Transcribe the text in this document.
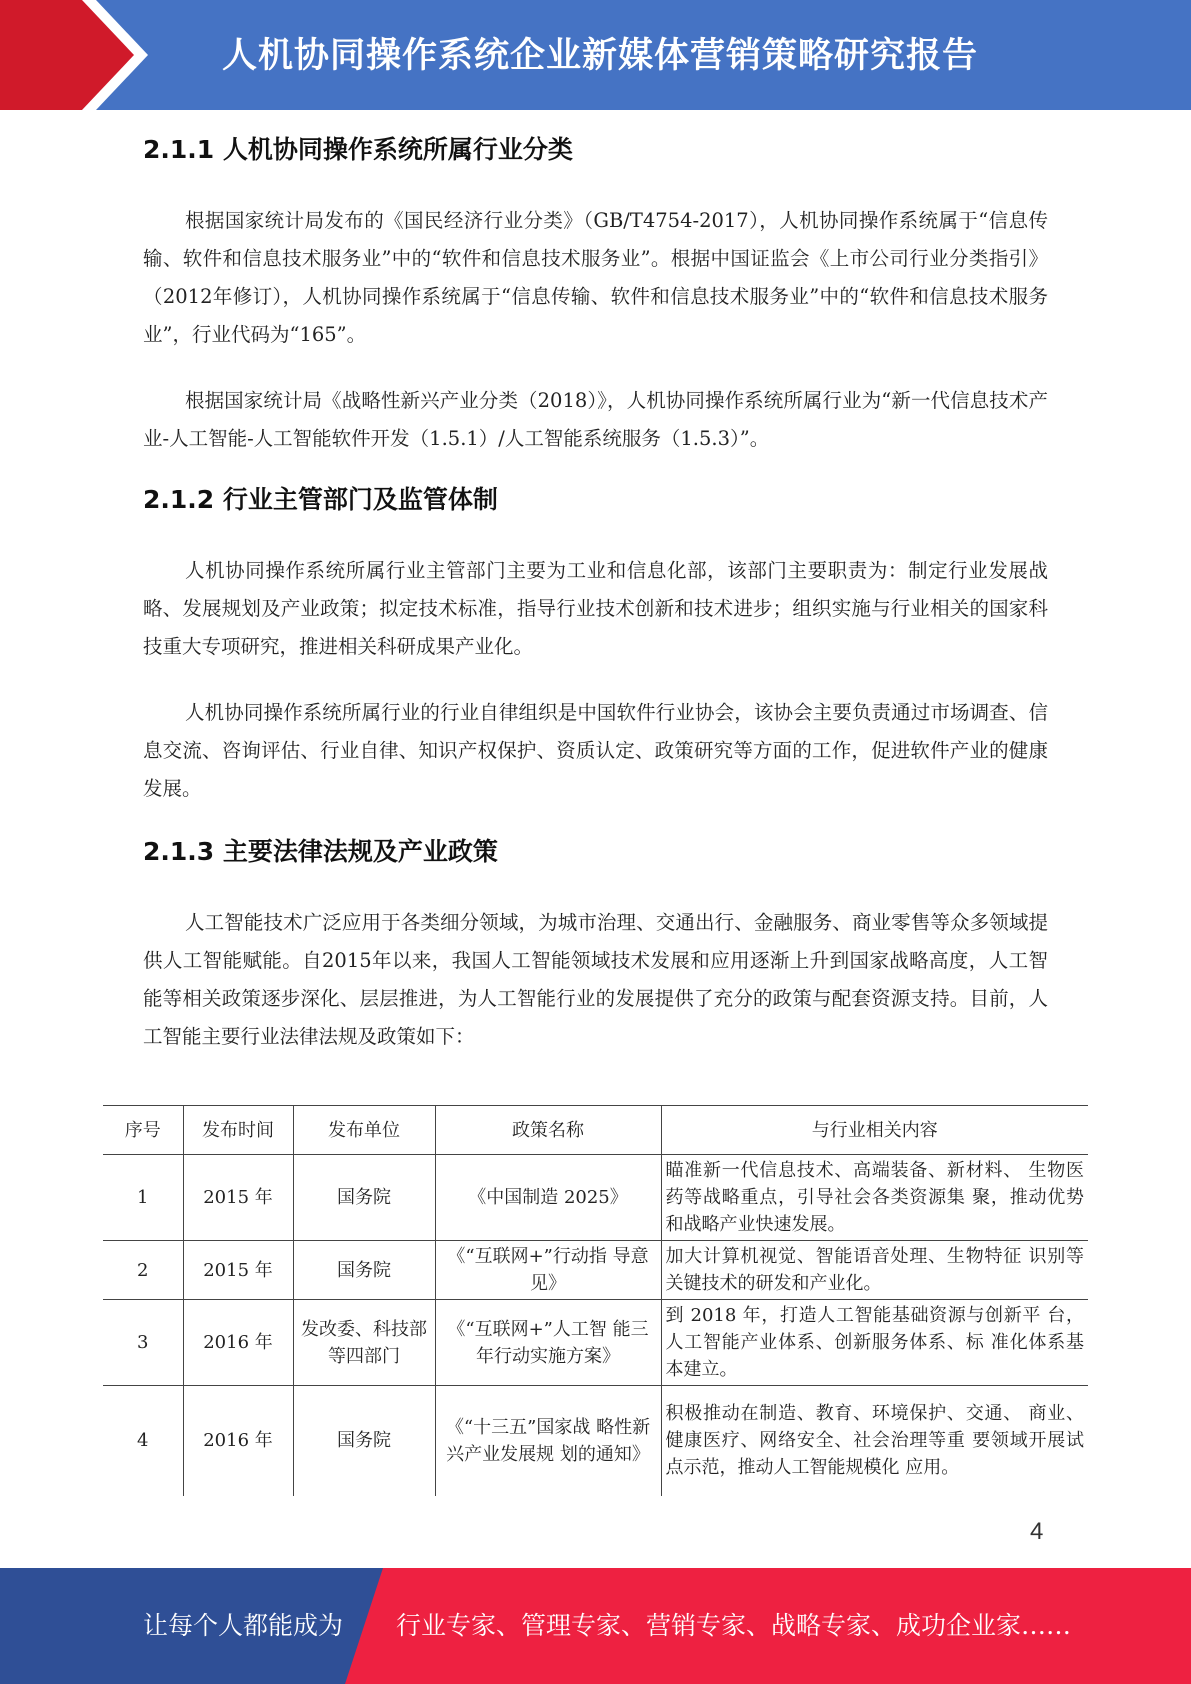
人机协同操作系统企业新媒体营销策略研究报告
2.1.1 人机协同操作系统所属行业分类

根据国家统计局发布的《国民经济行业分类》（GB/T4754-2017），人机协同操作系统属于“信息传输、软件和信息技术服务业”中的“软件和信息技术服务业”。根据中国证监会《上市公司行业分类指引》（2012年修订），人机协同操作系统属于“信息传输、软件和信息技术服务业”中的“软件和信息技术服务业”，行业代码为“165”。

根据国家统计局《战略性新兴产业分类（2018）》，人机协同操作系统所属行业为“新一代信息技术产业-人工智能-人工智能软件开发（1.5.1）/人工智能系统服务（1.5.3）”。

2.1.2 行业主管部门及监管体制

人机协同操作系统所属行业主管部门主要为工业和信息化部，该部门主要职责为：制定行业发展战略、发展规划及产业政策；拟定技术标准，指导行业技术创新和技术进步；组织实施与行业相关的国家科技重大专项研究，推进相关科研成果产业化。

人机协同操作系统所属行业的行业自律组织是中国软件行业协会，该协会主要负责通过市场调查、信息交流、咨询评估、行业自律、知识产权保护、资质认定、政策研究等方面的工作，促进软件产业的健康发展。

2.1.3 主要法律法规及产业政策

人工智能技术广泛应用于各类细分领域，为城市治理、交通出行、金融服务、商业零售等众多领域提供人工智能赋能。自2015年以来，我国人工智能领域技术发展和应用逐渐上升到国家战略高度，人工智能等相关政策逐步深化、层层推进，为人工智能行业的发展提供了充分的政策与配套资源支持。目前，人工智能主要行业法律法规及政策如下：

序号	发布时间	发布单位	政策名称	与行业相关内容
1	2015 年	国务院	《中国制造 2025》	瞄准新一代信息技术、高端装备、新材料、 生物医药等战略重点，引导社会各类资源集 聚，推动优势和战略产业快速发展。
2	2015 年	国务院	《“互联网+”行动指 导意见》	加大计算机视觉、智能语音处理、生物特征 识别等关键技术的研发和产业化。
3	2016 年	发改委、科技部等四部门	《“互联网+”人工智 能三年行动实施方案》	到 2018 年，打造人工智能基础资源与创新平 台，人工智能产业体系、创新服务体系、标 准化体系基本建立。
4	2016 年	国务院	《“十三五”国家战 略性新兴产业发展规 划的通知》	积极推动在制造、教育、环境保护、交通、 商业、健康医疗、网络安全、社会治理等重 要领域开展试点示范，推动人工智能规模化 应用。
4
让每个人都能成为 行业专家、管理专家、营销专家、战略专家、成功企业家……
